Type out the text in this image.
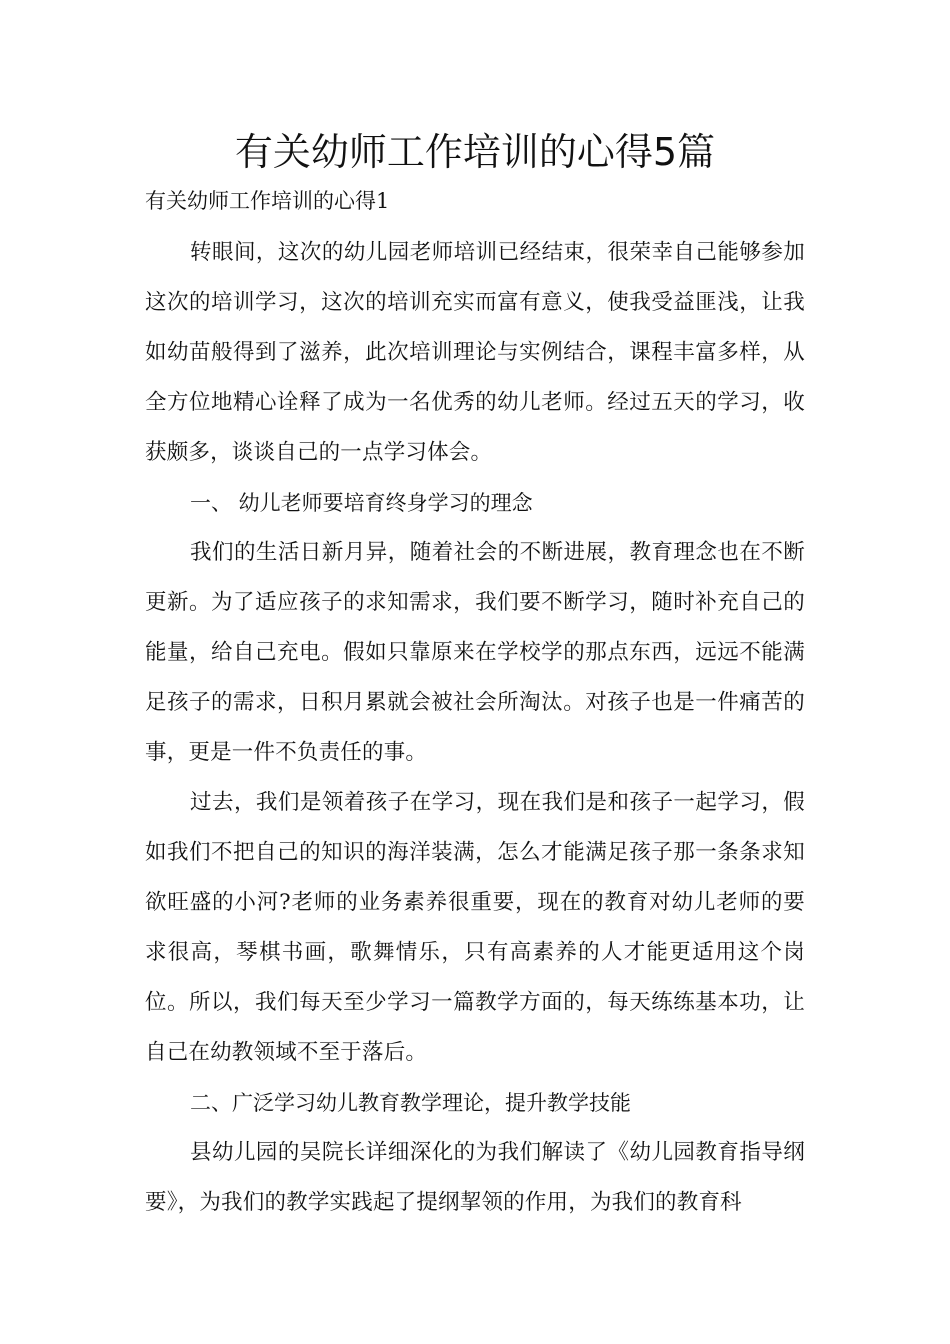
有关幼师工作培训的心得5篇

有关幼师工作培训的心得1

转眼间，这次的幼儿园老师培训已经结束，很荣幸自己能够参加这次的培训学习，这次的培训充实而富有意义，使我受益匪浅，让我如幼苗般得到了滋养，此次培训理论与实例结合，课程丰富多样，从全方位地精心诠释了成为一名优秀的幼儿老师。经过五天的学习，收获颇多，谈谈自己的一点学习体会。

一、 幼儿老师要培育终身学习的理念

我们的生活日新月异，随着社会的不断进展，教育理念也在不断更新。为了适应孩子的求知需求，我们要不断学习，随时补充自己的能量，给自己充电。假如只靠原来在学校学的那点东西，远远不能满足孩子的需求，日积月累就会被社会所淘汰。对孩子也是一件痛苦的事，更是一件不负责任的事。

过去，我们是领着孩子在学习，现在我们是和孩子一起学习，假如我们不把自己的知识的海洋装满，怎么才能满足孩子那一条条求知欲旺盛的小河?老师的业务素养很重要，现在的教育对幼儿老师的要求很高，琴棋书画，歌舞情乐，只有高素养的人才能更适用这个岗位。所以，我们每天至少学习一篇教学方面的，每天练练基本功，让自己在幼教领域不至于落后。

二、广泛学习幼儿教育教学理论，提升教学技能

县幼儿园的吴院长详细深化的为我们解读了《幼儿园教育指导纲要》，为我们的教学实践起了提纲挈领的作用，为我们的教育科
